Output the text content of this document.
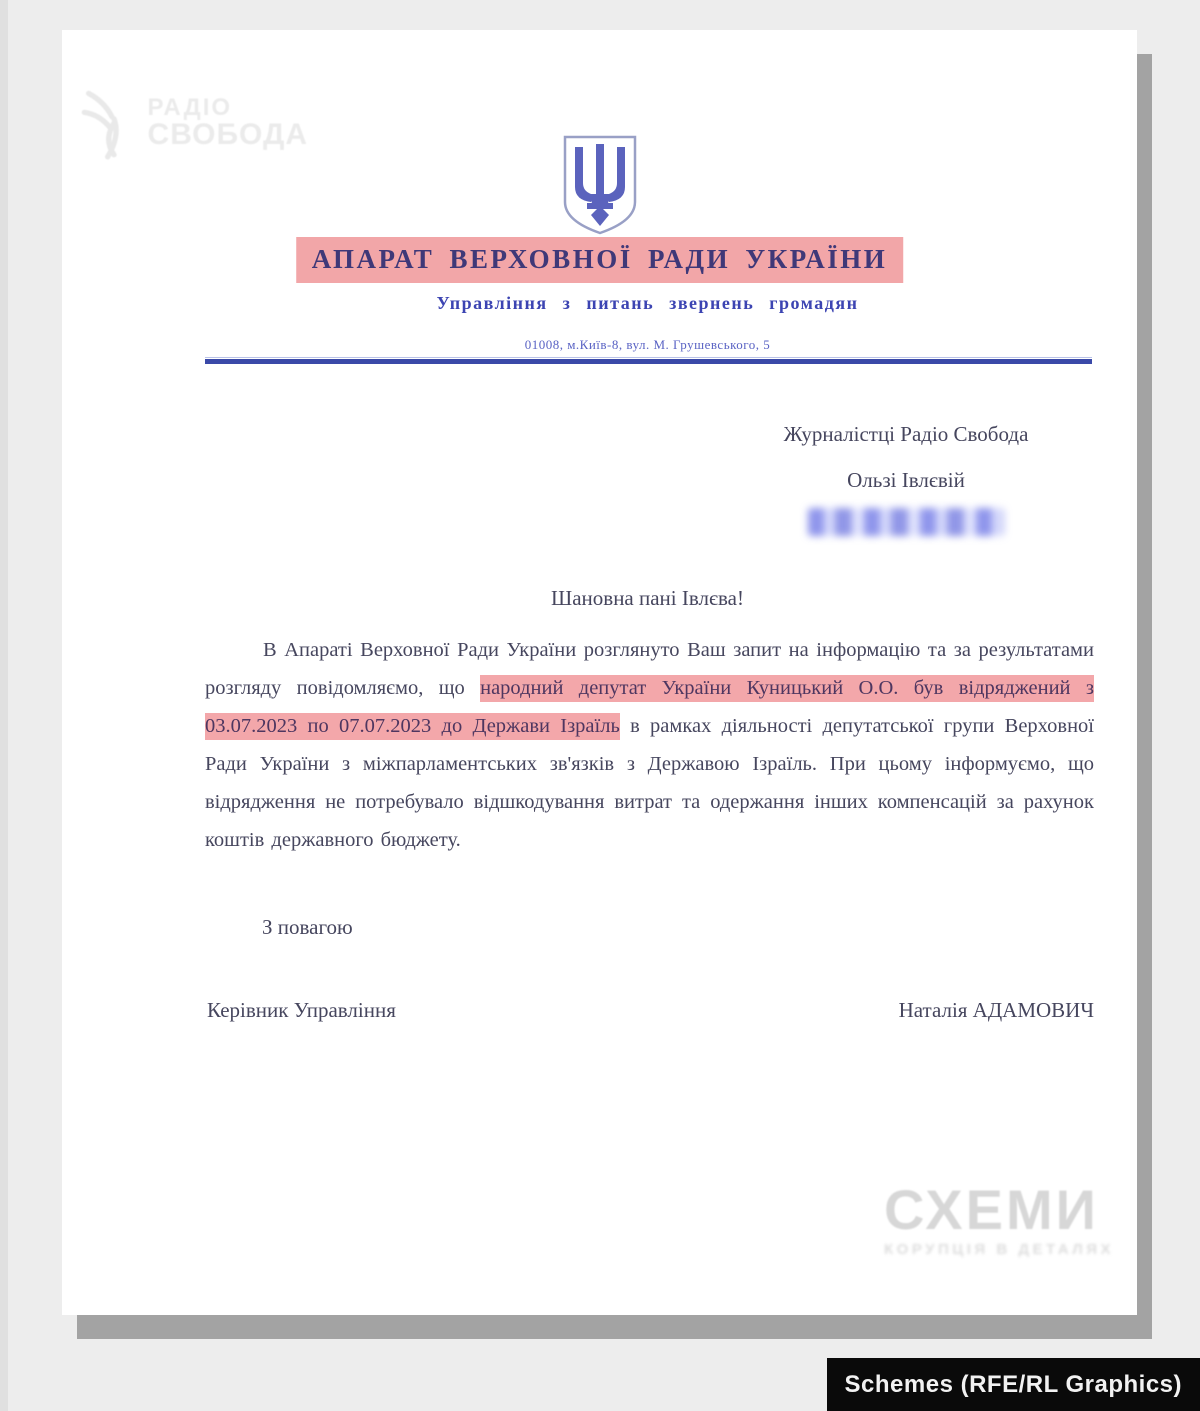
РАДІО
СВОБОДА
АПАРАТ ВЕРХОВНОЇ РАДИ УКРАЇНИ
Управління з питань звернень громадян
01008, м.Київ-8, вул. М. Грушевського, 5
Журналістці Радіо Свобода
Ользі Івлєвій
Шановна пані Івлєва!

В Апараті Верховної Ради України розглянуто Ваш запит на інформацію та за результатами розгляду повідомляємо, що народний депутат України Куницький О.О. був відряджений з 03.07.2023 по 07.07.2023 до Держави Ізраїль в рамках діяльності депутатської групи Верховної Ради України з міжпарламентських зв'язків з Державою Ізраїль. При цьому інформуємо, що відрядження не потребувало відшкодування витрат та одержання інших компенсацій за рахунок коштів державного бюджету.

З повагою
Керівник Управління	Наталія АДАМОВИЧ
СХЕМИ
КОРУПЦІЯ В ДЕТАЛЯХ
Schemes (RFE/RL Graphics)
